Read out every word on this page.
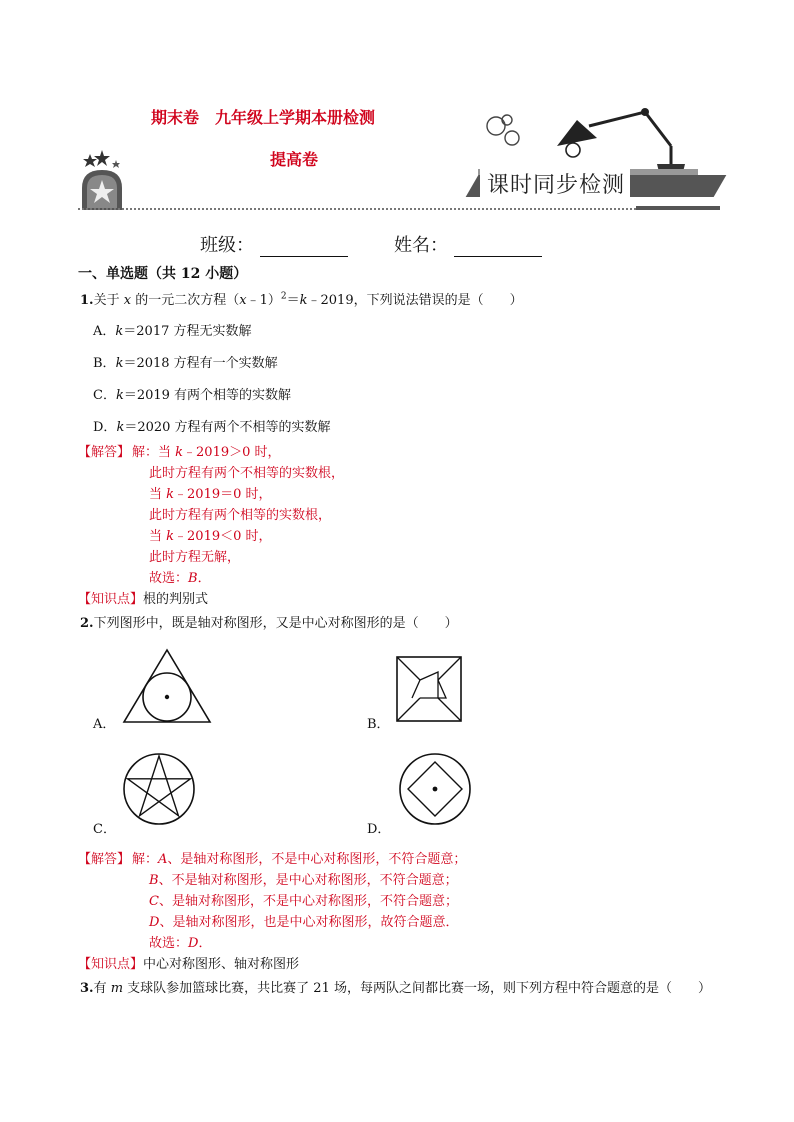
课时同步检测
期末卷　九年级上学期本册检测
提高卷
班级：	姓名：
一、单选题（共 12 小题）
1.关于 x 的一元二次方程（x﹣1）$^2$＝k﹣2019，下列说法错误的是（　　）
A．k＝2017 方程无实数解
B．k＝2018 方程有一个实数解
C．k＝2019 有两个相等的实数解
D．k＝2020 方程有两个不相等的实数解
【解答】 解：当 k﹣2019＞0 时，
此时方程有两个不相等的实数根，
当 k﹣2019＝0 时，
此时方程有两个相等的实数根，
当 k﹣2019＜0 时，
此时方程无解，
故选：B．
【知识点】根的判别式
2.下列图形中，既是轴对称图形，又是中心对称图形的是（　　）
A．	B．
C．	D．
【解答】 解：A、是轴对称图形，不是中心对称图形，不符合题意；
B、不是轴对称图形，是中心对称图形，不符合题意；
C、是轴对称图形，不是中心对称图形，不符合题意；
D、是轴对称图形，也是中心对称图形，故符合题意．
故选：D．
【知识点】中心对称图形、轴对称图形
3.有 m 支球队参加篮球比赛，共比赛了 21 场，每两队之间都比赛一场，则下列方程中符合题意的是（　　）
